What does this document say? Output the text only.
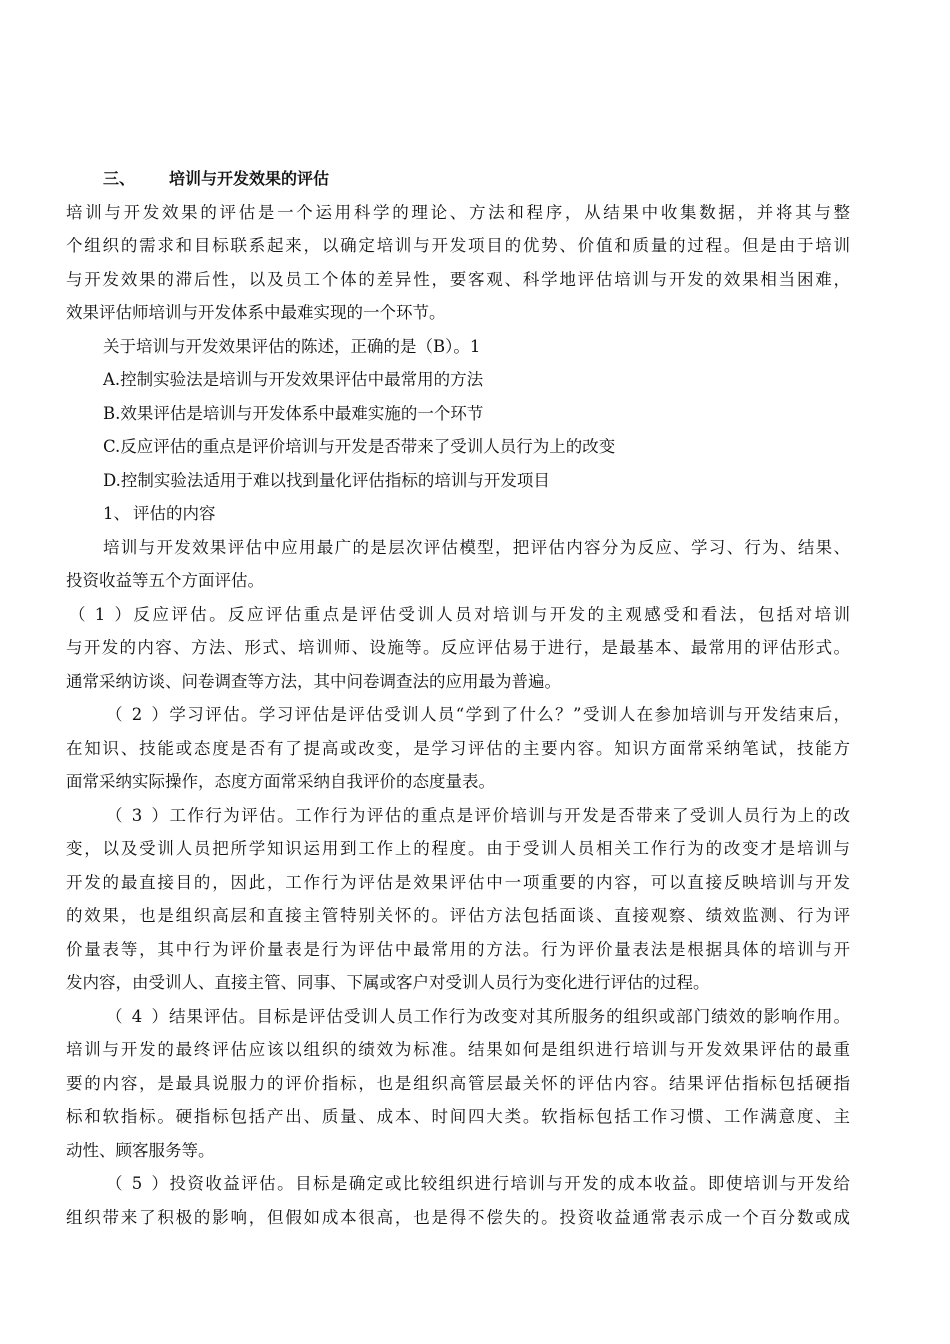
三、 培训与开发效果的评估
培训与开发效果的评估是一个运用科学的理论、方法和程序，从结果中收集数据，并将其与整
个组织的需求和目标联系起来，以确定培训与开发项目的优势、价值和质量的过程。但是由于培训
与开发效果的滞后性，以及员工个体的差异性，要客观、科学地评估培训与开发的效果相当困难，
效果评估师培训与开发体系中最难实现的一个环节。
关于培训与开发效果评估的陈述，正确的是（B）。1
A.控制实验法是培训与开发效果评估中最常用的方法
B.效果评估是培训与开发体系中最难实施的一个环节
C.反应评估的重点是评价培训与开发是否带来了受训人员行为上的改变
D.控制实验法适用于难以找到量化评估指标的培训与开发项目
1、 评估的内容
培训与开发效果评估中应用最广的是层次评估模型，把评估内容分为反应、学习、行为、结果、
投资收益等五个方面评估。
（1）反应评估。反应评估重点是评估受训人员对培训与开发的主观感受和看法，包括对培训
与开发的内容、方法、形式、培训师、设施等。反应评估易于进行，是最基本、最常用的评估形式。
通常采纳访谈、问卷调查等方法，其中问卷调查法的应用最为普遍。
（2）学习评估。学习评估是评估受训人员“学到了什么？”受训人在参加培训与开发结束后，
在知识、技能或态度是否有了提高或改变，是学习评估的主要内容。知识方面常采纳笔试，技能方
面常采纳实际操作，态度方面常采纳自我评价的态度量表。
（3）工作行为评估。工作行为评估的重点是评价培训与开发是否带来了受训人员行为上的改
变，以及受训人员把所学知识运用到工作上的程度。由于受训人员相关工作行为的改变才是培训与
开发的最直接目的，因此，工作行为评估是效果评估中一项重要的内容，可以直接反映培训与开发
的效果，也是组织高层和直接主管特别关怀的。评估方法包括面谈、直接观察、绩效监测、行为评
价量表等，其中行为评价量表是行为评估中最常用的方法。行为评价量表法是根据具体的培训与开
发内容，由受训人、直接主管、同事、下属或客户对受训人员行为变化进行评估的过程。
（4）结果评估。目标是评估受训人员工作行为改变对其所服务的组织或部门绩效的影响作用。
培训与开发的最终评估应该以组织的绩效为标准。结果如何是组织进行培训与开发效果评估的最重
要的内容，是最具说服力的评价指标，也是组织高管层最关怀的评估内容。结果评估指标包括硬指
标和软指标。硬指标包括产出、质量、成本、时间四大类。软指标包括工作习惯、工作满意度、主
动性、顾客服务等。
（5）投资收益评估。目标是确定或比较组织进行培训与开发的成本收益。即使培训与开发给
组织带来了积极的影响，但假如成本很高，也是得不偿失的。投资收益通常表示成一个百分数或成
